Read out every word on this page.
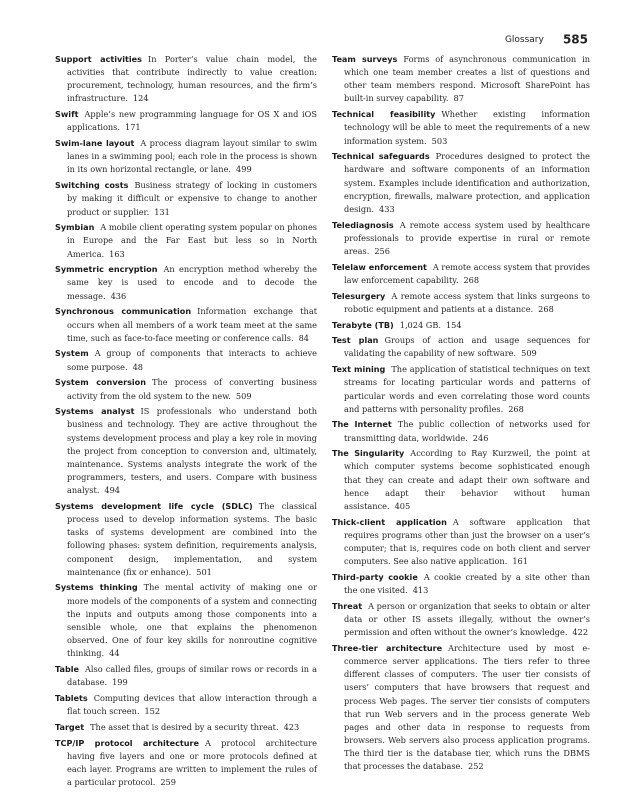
Glossary 585

Support activities In Porter’s value chain model, the activities that contribute indirectly to value creation: procurement, technology, human resources, and the firm’s infrastructure. 124

Swift Apple’s new programming language for OS X and iOS applications. 171

Swim-lane layout A process diagram layout similar to swim lanes in a swimming pool; each role in the process is shown in its own horizontal rectangle, or lane. 499

Switching costs Business strategy of locking in customers by making it difficult or expensive to change to another product or supplier. 131

Symbian A mobile client operating system popular on phones in Europe and the Far East but less so in North America. 163

Symmetric encryption An encryption method whereby the same key is used to encode and to decode the message. 436

Synchronous communication Information exchange that occurs when all members of a work team meet at the same time, such as face-to-face meeting or conference calls. 84

System A group of components that interacts to achieve some purpose. 48

System conversion The process of converting business activity from the old system to the new. 509

Systems analyst IS professionals who understand both business and technology. They are active throughout the systems development process and play a key role in moving the project from conception to conversion and, ultimately, maintenance. Systems analysts integrate the work of the programmers, testers, and users. Compare with business analyst. 494

Systems development life cycle (SDLC) The classical process used to develop information systems. The basic tasks of systems development are combined into the following phases: system definition, requirements analysis, component design, implementation, and system maintenance (fix or enhance). 501

Systems thinking The mental activity of making one or more models of the components of a system and connecting the inputs and outputs among those components into a sensible whole, one that explains the phenomenon observed. One of four key skills for nonroutine cognitive thinking. 44

Table Also called files, groups of similar rows or records in a database. 199

Tablets Computing devices that allow interaction through a flat touch screen. 152

Target The asset that is desired by a security threat. 423

TCP/IP protocol architecture A protocol architecture having five layers and one or more protocols defined at each layer. Programs are written to implement the rules of a particular protocol. 259

Team surveys Forms of asynchronous communication in which one team member creates a list of questions and other team members respond. Microsoft SharePoint has built-in survey capability. 87

Technical feasibility Whether existing information technology will be able to meet the requirements of a new information system. 503

Technical safeguards Procedures designed to protect the hardware and software components of an information system. Examples include identification and authorization, encryption, firewalls, malware protection, and application design. 433

Telediagnosis A remote access system used by healthcare professionals to provide expertise in rural or remote areas. 256

Telelaw enforcement A remote access system that provides law enforcement capability. 268

Telesurgery A remote access system that links surgeons to robotic equipment and patients at a distance. 268

Terabyte (TB) 1,024 GB. 154

Test plan Groups of action and usage sequences for validating the capability of new software. 509

Text mining The application of statistical techniques on text streams for locating particular words and patterns of particular words and even correlating those word counts and patterns with personality profiles. 268

The Internet The public collection of networks used for transmitting data, worldwide. 246

The Singularity According to Ray Kurzweil, the point at which computer systems become sophisticated enough that they can create and adapt their own software and hence adapt their behavior without human assistance. 405

Thick-client application A software application that requires programs other than just the browser on a user’s computer; that is, requires code on both client and server computers. See also native application. 161

Third-party cookie A cookie created by a site other than the one visited. 413

Threat A person or organization that seeks to obtain or alter data or other IS assets illegally, without the owner’s permission and often without the owner’s knowledge. 422

Three-tier architecture Architecture used by most e-commerce server applications. The tiers refer to three different classes of computers. The user tier consists of users’ computers that have browsers that request and process Web pages. The server tier consists of computers that run Web servers and in the process generate Web pages and other data in response to requests from browsers. Web servers also process application programs. The third tier is the database tier, which runs the DBMS that processes the database. 252
